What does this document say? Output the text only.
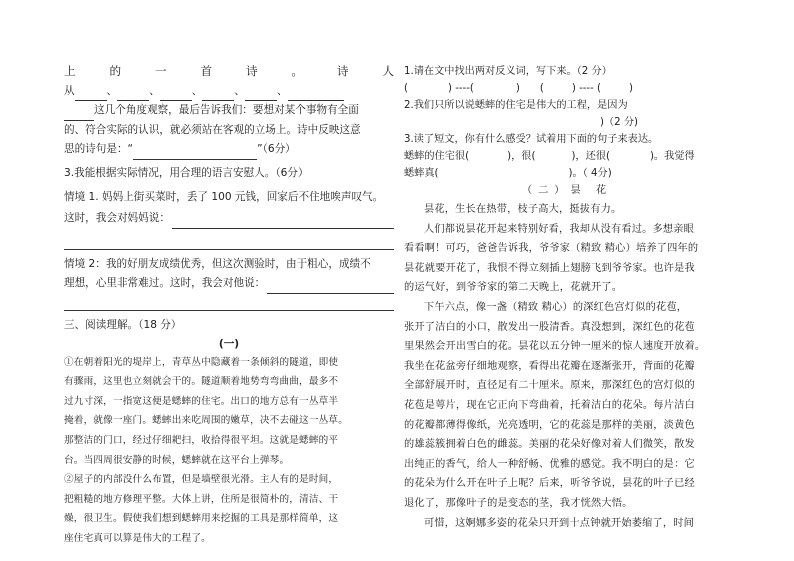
上	的	一	首	诗	。	诗	人
从	、	、	、	、	、
这几个角度观察，最后告诉我们：要想对某个事物有全面
的、符合实际的认识，就必须站在客观的立场上。诗中反映这意
思的诗句是：“	”（6分）
3.我能根据实际情况，用合理的语言安慰人。（6分）
情境 1. 妈妈上街买菜时，丢了 100 元钱，回家后不住地唉声叹气。
这时，我会对妈妈说：
情境 2：我的好朋友成绩优秀，但这次测验时，由于粗心，成绩不
理想，心里非常难过。这时，我会对他说：
三、阅读理解。（18 分）
(一)
①在朝着阳光的堤岸上，青草丛中隐藏着一条倾斜的隧道，即使
有骤雨，这里也立刻就会干的。隧道顺着地势弯弯曲曲，最多不
过九寸深，一指宽这便是蟋蟀的住宅。出口的地方总有一丛草半
掩着，就像一座门。蟋蟀出来吃周围的嫩草，决不去碰这一丛草。
那整洁的门口，经过仔细耙扫，收拾得很平坦。这就是蟋蟀的平
台。当四周很安静的时候，蟋蟀就在这平台上弹琴。
②屋子的内部没什么布置，但是墙壁很光滑。主人有的是时间，
把粗糙的地方修理平整。大体上讲，住所是很简朴的，清洁、干
燥，很卫生。假使我们想到蟋蟀用来挖掘的工具是那样简单，这
座住宅真可以算是伟大的工程了。
1.请在文中找出两对反义词，写下来。（2 分）
(	) ----(	) (	) ---- (	)
2.我们只所以说蟋蟀的住宅是伟大的工程，是因为
)（2 分)
3.读了短文，你有什么感受？试着用下面的句子来表达。
蟋蟀的住宅很(	)，很(	)，还很(	)。我觉得
蟋蟀真(	)。（ 4分)
（二）昙 花
昙花，生长在热带，枝子高大，挺拔有力。
人们都说昙花开起来特别好看，我却从没有看过。多想亲眼
看看啊！可巧，爸爸告诉我，爷爷家（精致 精心）培养了四年的
昙花就要开花了，我恨不得立刻插上翅膀飞到爷爷家。也许是我
的运气好，到爷爷家的第二天晚上，花就开了。
下午六点，像一盏（精致 精心）的深红色宫灯似的花苞，
张开了洁白的小口，散发出一股清香。真没想到，深红色的花苞
里果然会开出雪白的花。昙花以五分钟一厘米的惊人速度开放着。
我坐在花盆旁仔细地观察，看得出花瓣在逐渐张开，背面的花瓣
全部舒展开时，直径足有二十厘米。原来，那深红色的宫灯似的
花苞是萼片，现在它正向下弯曲着，托着洁白的花朵。每片洁白
的花瓣都薄得像纸，光亮透明，它的花蕊是那样的美丽，淡黄色
的雄蕊簇拥着白色的雌蕊。美丽的花朵好像对着人们微笑，散发
出纯正的香气，给人一种舒畅、优雅的感觉。我不明白的是：它
的花朵为什么开在叶子上呢？后来，听爷爷说，昙花的叶子已经
退化了，那像叶子的是变态的茎，我才恍然大悟。
可惜，这婀娜多姿的花朵只开到十点钟就开始萎缩了，时间
